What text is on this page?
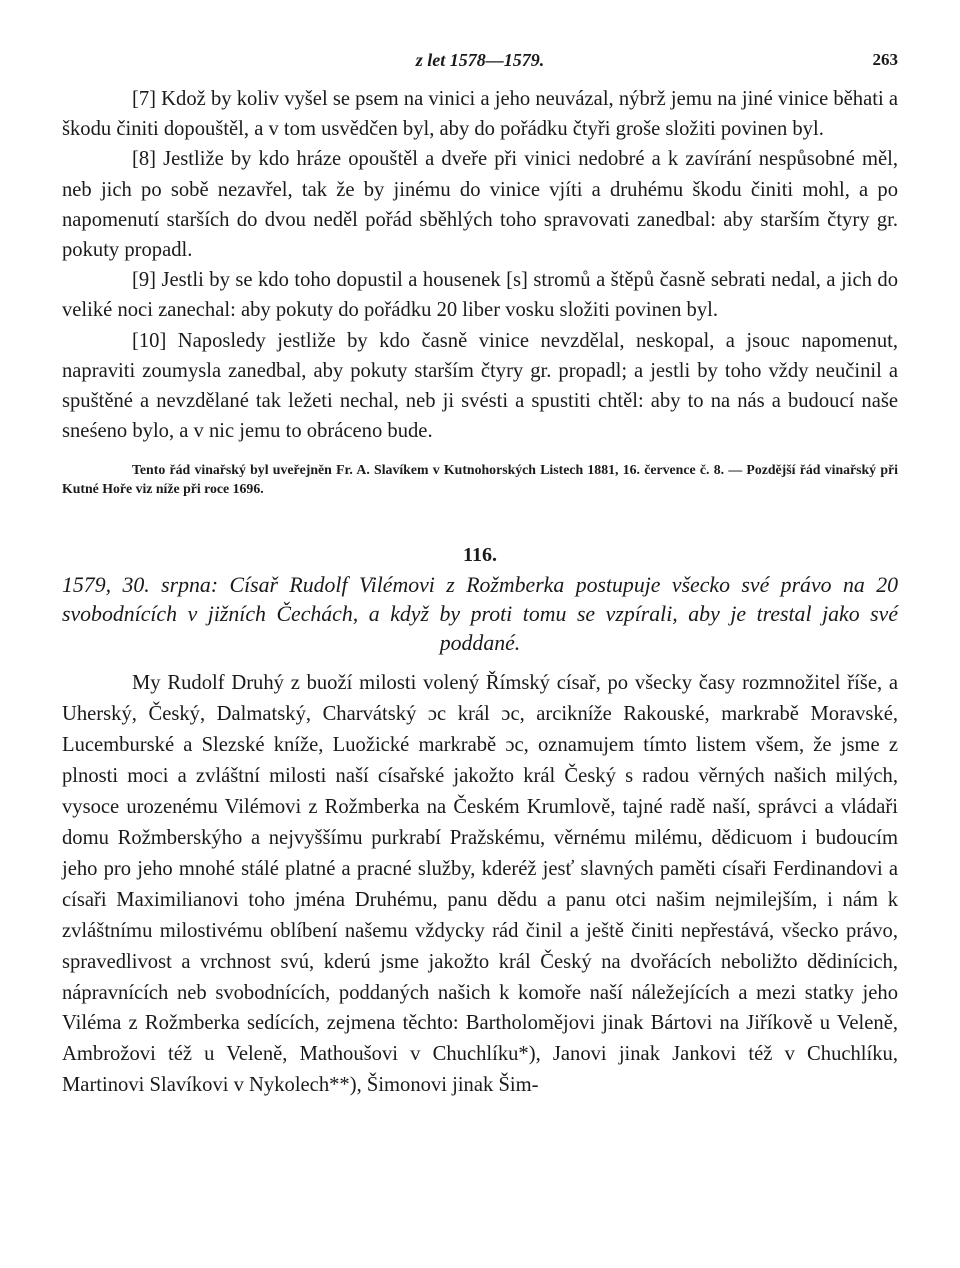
z let 1578—1579.	263

[7] Kdož by koliv vyšel se psem na vinici a jeho neuvázal, nýbrž jemu na jiné vinice běhati a škodu činiti dopouštěl, a v tom usvědčen byl, aby do pořádku čtyři groše složiti povinen byl.

[8] Jestliže by kdo hráze opouštěl a dveře při vinici nedobré a k zavírání nespůsobné měl, neb jich po sobě nezavřel, tak že by jinému do vinice vjíti a druhému škodu činiti mohl, a po napomenutí starších do dvou neděl pořád sběhlých toho spravovati zanedbal: aby starším čtyry gr. pokuty propadl.

[9] Jestli by se kdo toho dopustil a housenek [s] stromů a štěpů časně sebrati nedal, a jich do veliké noci zanechal: aby pokuty do pořádku 20 liber vosku složiti povinen byl.

[10] Naposledy jestliže by kdo časně vinice nevzdělal, neskopal, a jsouc napomenut, napraviti zoumysla zanedbal, aby pokuty starším čtyry gr. propadl; a jestli by toho vždy neučinil a spuštěné a nevzdělané tak ležeti nechal, neb ji svésti a spustiti chtěl: aby to na nás a budoucí naše sneśeno bylo, a v nic jemu to obráceno bude.

Tento řád vinařský byl uveřejněn Fr. A. Slavíkem v Kutnohorských Listech 1881, 16. července č. 8. — Pozdější řád vinařský při Kutné Hoře viz níže při roce 1696.

116.

1579, 30. srpna: Císař Rudolf Vilémovi z Rožmberka postupuje všecko své právo na 20 svobodnících v jižních Čechách, a když by proti tomu se vzpírali, aby je trestal jako své poddané.

My Rudolf Druhý z buoží milosti volený Římský císař, po všecky časy rozmnožitel říše, a Uherský, Český, Dalmatský, Charvátský ɔc král ɔc, arcikníže Rakouské, markrabě Moravské, Lucemburské a Slezské kníže, Luožické markrabě ɔc, oznamujem tímto listem všem, že jsme z plnosti moci a zvláštní milosti naší císařské jakožto král Český s radou věrných našich milých, vysoce urozenému Vilémovi z Rožmberka na Českém Krumlově, tajné radě naší, správci a vládaři domu Rožmberskýho a nejvyššímu purkrabí Pražskému, věrnému milému, dědicuom i budoucím jeho pro jeho mnohé stálé platné a pracné služby, kderéž jesť slavných paměti císaři Ferdinandovi a císaři Maximilianovi toho jména Druhému, panu dědu a panu otci našim nejmilejším, i nám k zvláštnímu milostivému oblíbení našemu vždycky rád činil a ještě činiti nepřestává, všecko právo, spravedlivost a vrchnost svú, kderú jsme jakožto král Český na dvořácích neboližto dědinícich, nápravnících neb svobodnících, poddaných našich k komoře naší náležejících a mezi statky jeho Viléma z Rožmberka sedících, zejmena těchto: Bartholomějovi jinak Bártovi na Jiříkově u Veleně, Ambrožovi též u Veleně, Mathoušovi v Chuchlíku*), Janovi jinak Jankovi též v Chuchlíku, Martinovi Slavíkovi v Nykolech**), Šimonovi jinak Šim-
